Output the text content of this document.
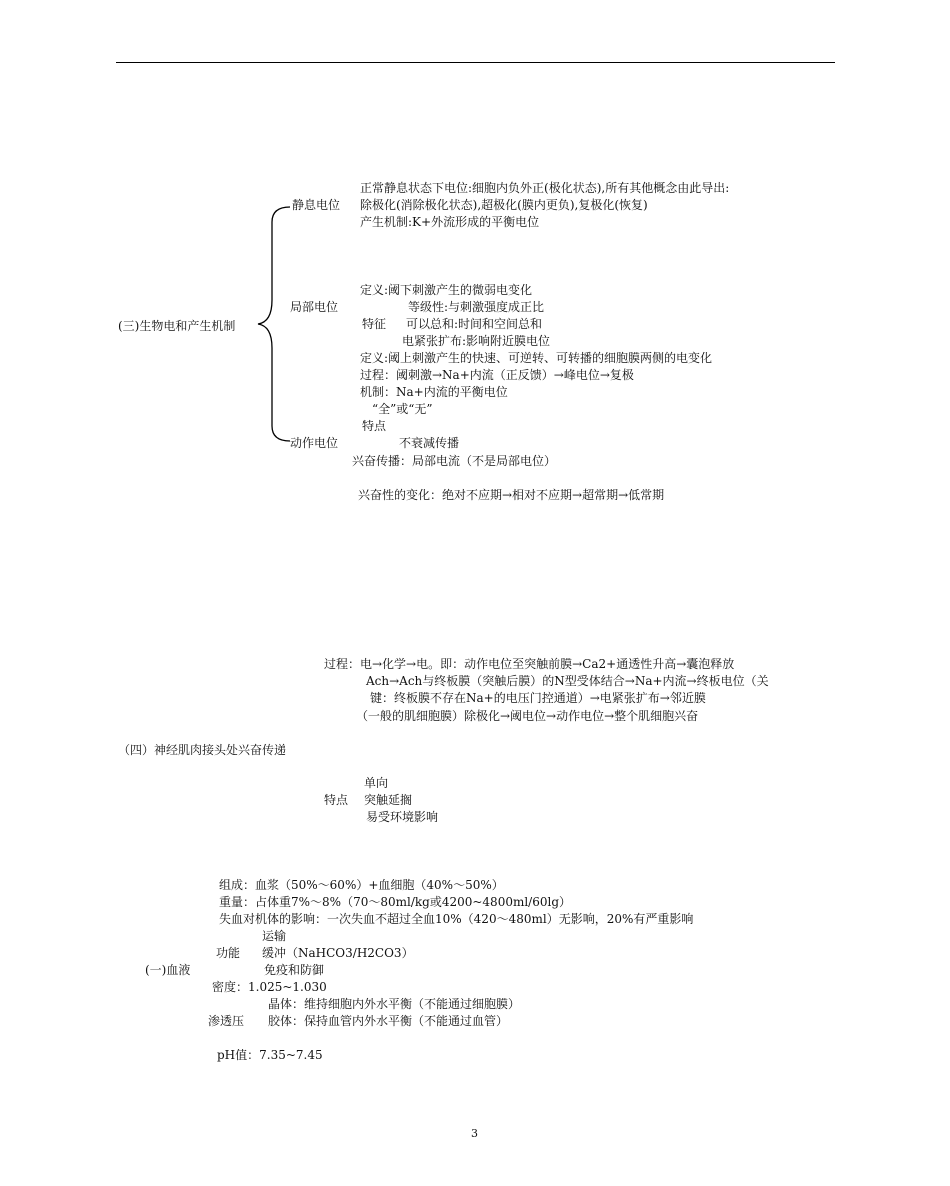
(三)生物电和产生机制
静息电位
正常静息状态下电位:细胞内负外正(极化状态),所有其他概念由此导出:
除极化(消除极化状态),超极化(膜内更负),复极化(恢复)
产生机制:K+外流形成的平衡电位
局部电位
定义:阈下刺激产生的微弱电变化
等级性:与刺激强度成正比
特征 可以总和:时间和空间总和
电紧张扩布:影响附近膜电位
定义:阈上刺激产生的快速、可逆转、可转播的细胞膜两侧的电变化
过程：阈刺激→Na+内流（正反馈）→峰电位→复极
机制：Na+内流的平衡电位
“全”或“无”
特点
动作电位	不衰减传播
兴奋传播：局部电流（不是局部电位）
兴奋性的变化：绝对不应期→相对不应期→超常期→低常期
过程：电→化学→电。即：动作电位至突触前膜→Ca2+通透性升高→囊泡释放
Ach→Ach与终板膜（突触后膜）的N型受体结合→Na+内流→终板电位（关
键：终板膜不存在Na+的电压门控通道）→电紧张扩布→邻近膜
（一般的肌细胞膜）除极化→阈电位→动作电位→整个肌细胞兴奋
（四）神经肌肉接头处兴奋传递
单向
特点 突触延搁
易受环境影响
组成：血浆（50%～60%）+血细胞（40%～50%）
重量：占体重7%～8%（70～80ml/kg或4200~4800ml/60lg）
失血对机体的影响：一次失血不超过全血10%（420～480ml）无影响，20%有严重影响
运输
功能 缓冲（NaHCO3/H2CO3）
(一)血液	免疫和防御
密度：1.025~1.030
晶体：维持细胞内外水平衡（不能通过细胞膜）
渗透压 胶体：保持血管内外水平衡（不能通过血管）
pH值：7.35~7.45
3
